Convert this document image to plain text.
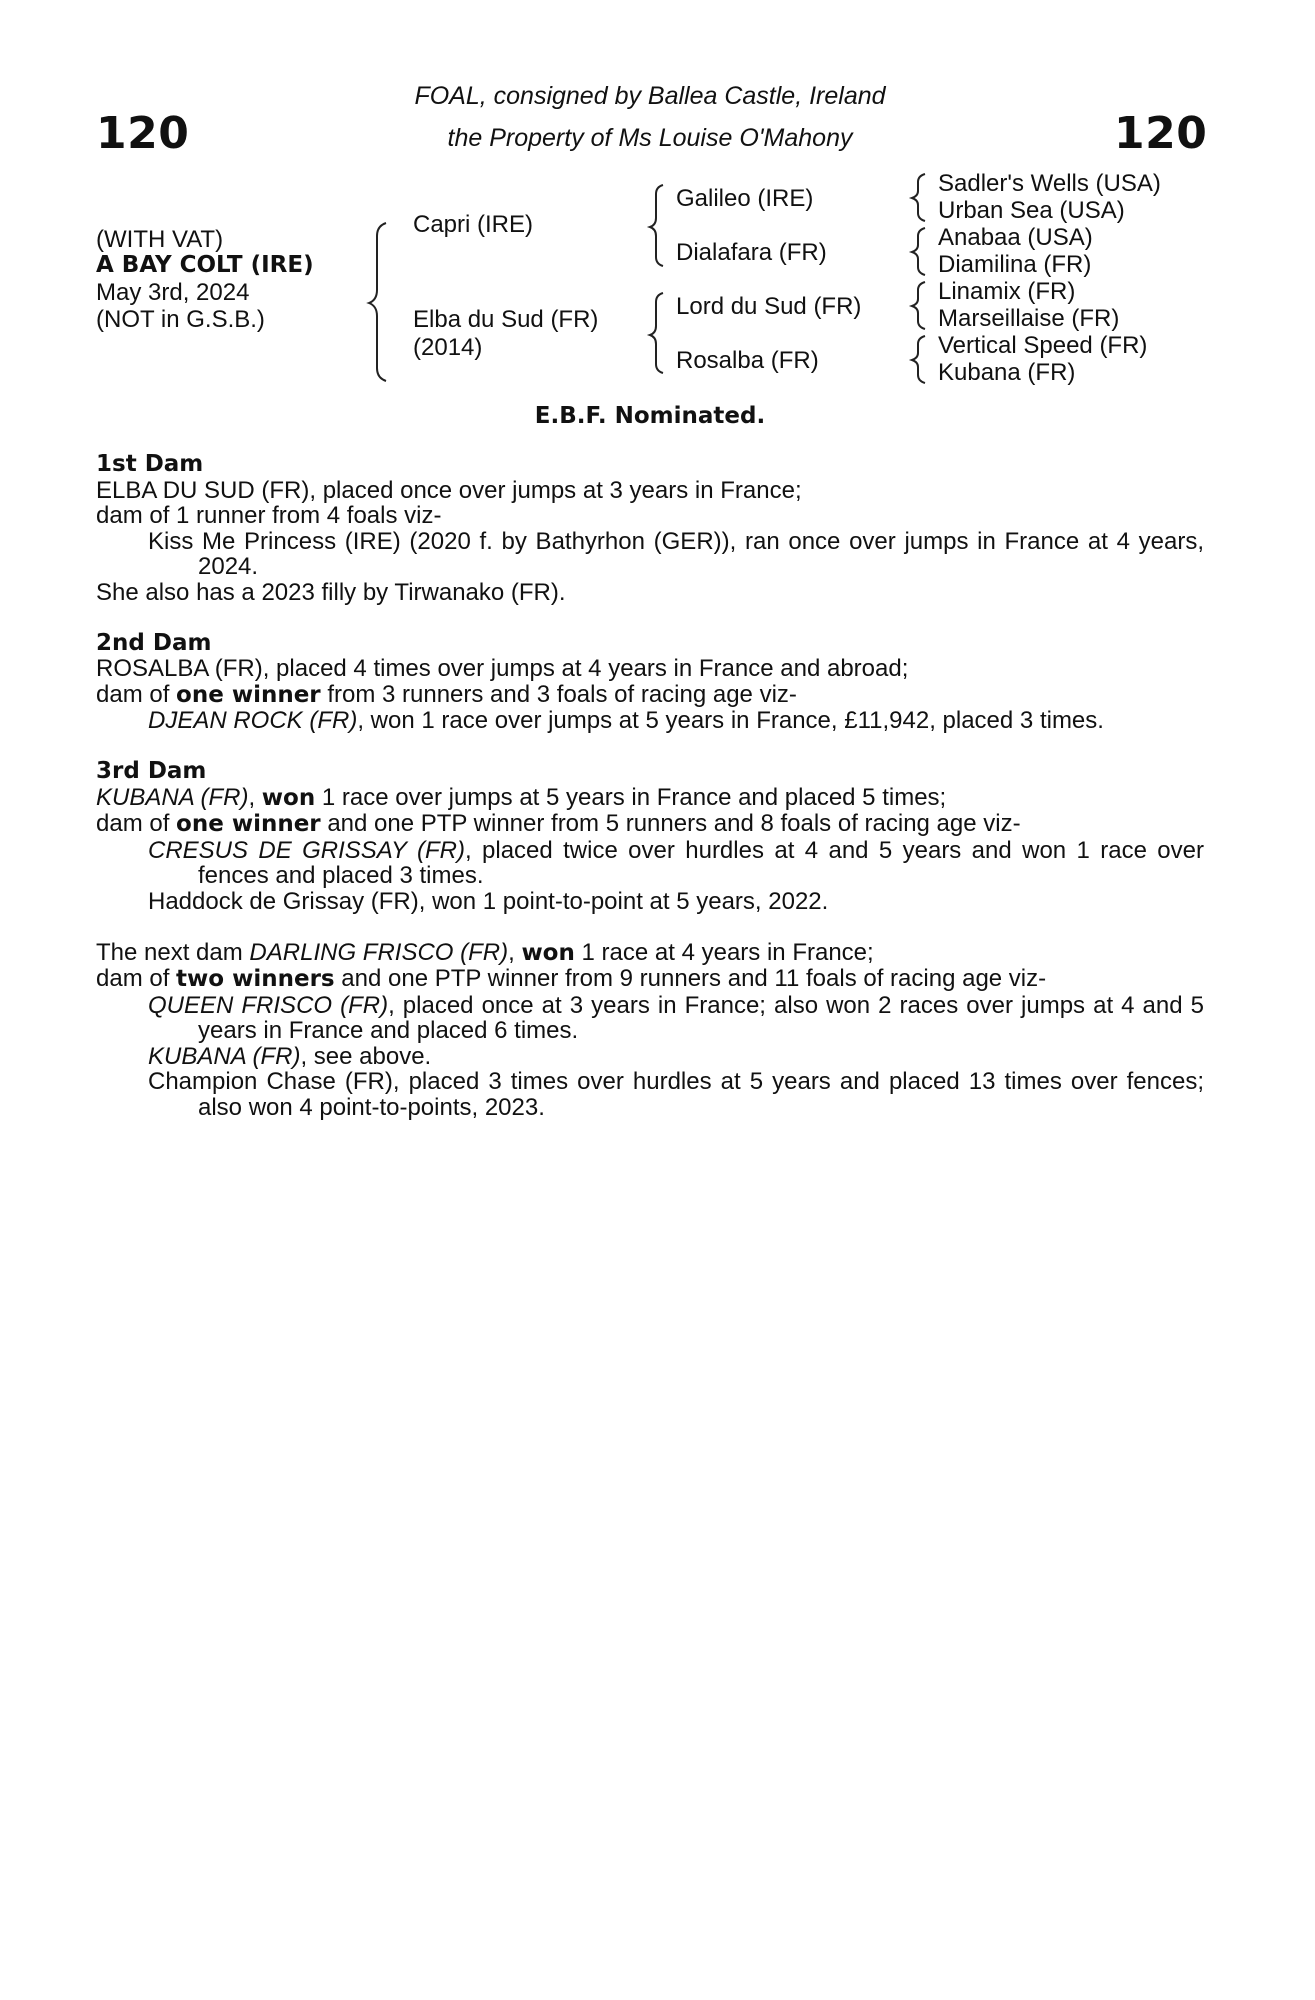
120	120
FOAL, consigned by Ballea Castle, Ireland
the Property of Ms Louise O'Mahony
(WITH VAT)
A BAY COLT (IRE)
May 3rd, 2024
(NOT in G.S.B.)
Capri (IRE)
Elba du Sud (FR)
(2014)
Galileo (IRE)
Dialafara (FR)
Lord du Sud (FR)
Rosalba (FR)
Sadler's Wells (USA)
Urban Sea (USA)
Anabaa (USA)
Diamilina (FR)
Linamix (FR)
Marseillaise (FR)
Vertical Speed (FR)
Kubana (FR)
E.B.F. Nominated.

1st Dam

ELBA DU SUD (FR), placed once over jumps at 3 years in France;

dam of 1 runner from 4 foals viz-

Kiss Me Princess (IRE) (2020 f. by Bathyrhon (GER)), ran once over jumps in France at 4 years, 2024.

She also has a 2023 filly by Tirwanako (FR).

2nd Dam

ROSALBA (FR), placed 4 times over jumps at 4 years in France and abroad;

dam of one winner from 3 runners and 3 foals of racing age viz-

DJEAN ROCK (FR), won 1 race over jumps at 5 years in France, £11,942, placed 3 times.

3rd Dam

KUBANA (FR), won 1 race over jumps at 5 years in France and placed 5 times;

dam of one winner and one PTP winner from 5 runners and 8 foals of racing age viz-

CRESUS DE GRISSAY (FR), placed twice over hurdles at 4 and 5 years and won 1 race over fences and placed 3 times.

Haddock de Grissay (FR), won 1 point-to-point at 5 years, 2022.

The next dam DARLING FRISCO (FR), won 1 race at 4 years in France;

dam of two winners and one PTP winner from 9 runners and 11 foals of racing age viz-

QUEEN FRISCO (FR), placed once at 3 years in France; also won 2 races over jumps at 4 and 5 years in France and placed 6 times.

KUBANA (FR), see above.

Champion Chase (FR), placed 3 times over hurdles at 5 years and placed 13 times over fences; also won 4 point-to-points, 2023.
